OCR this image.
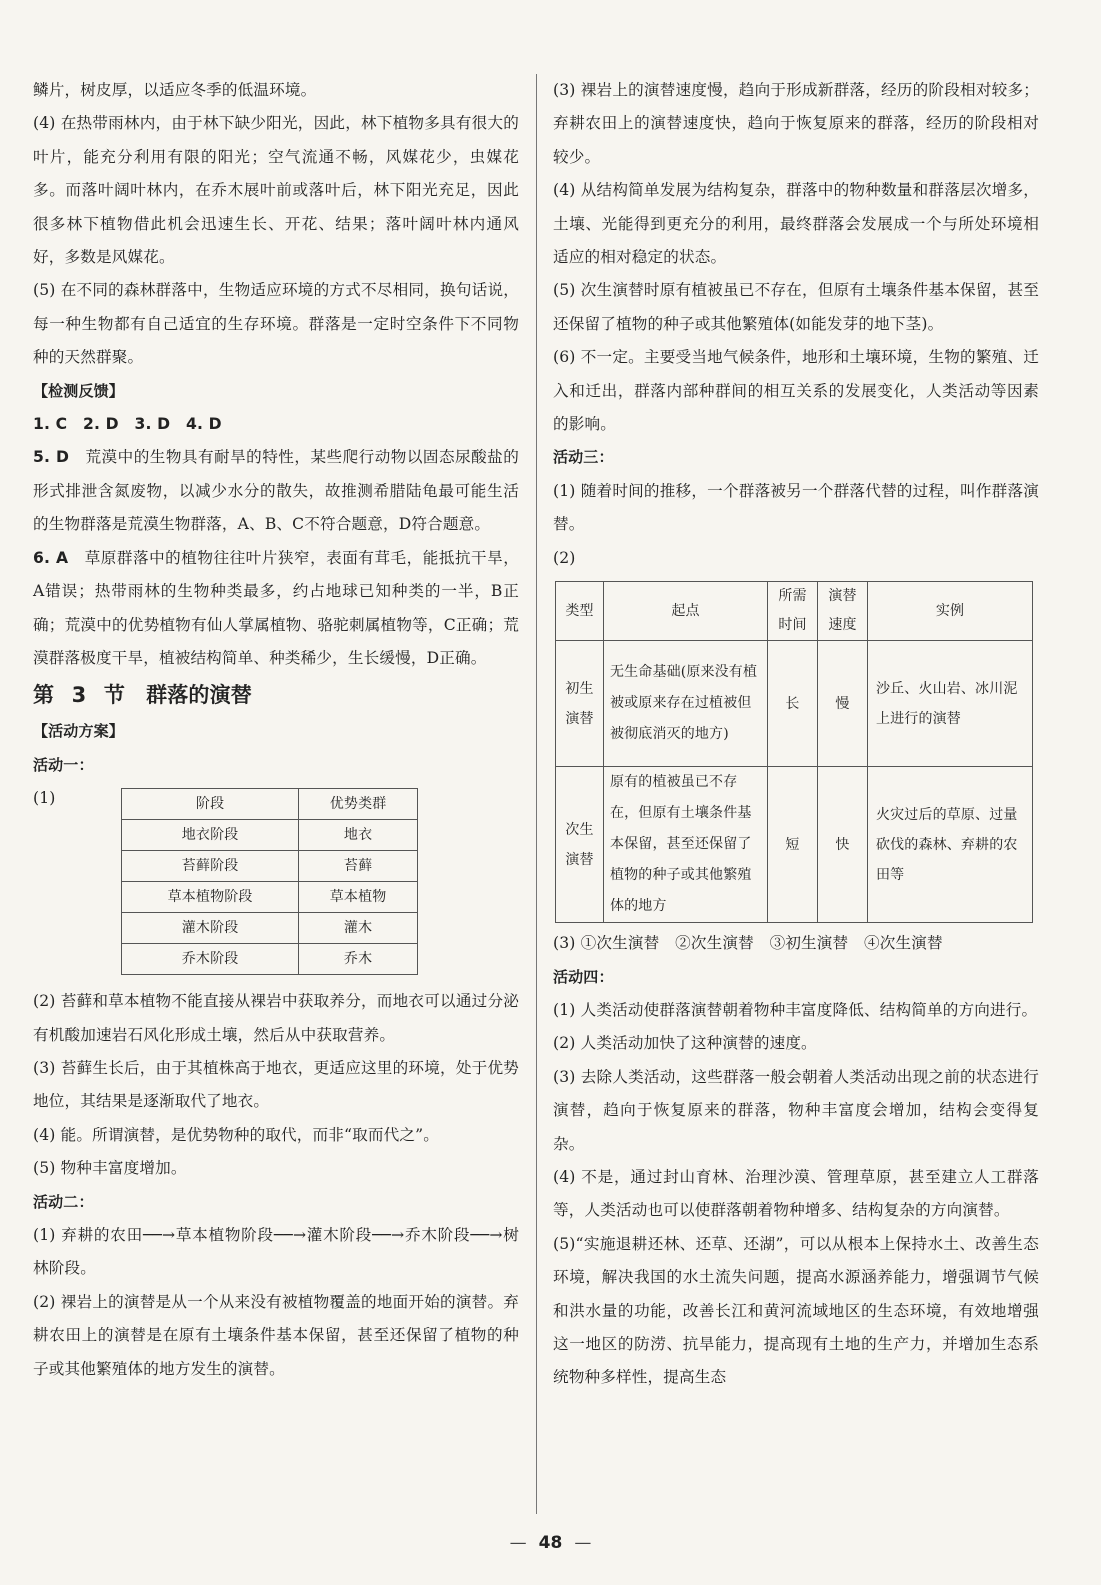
鳞片，树皮厚，以适应冬季的低温环境。

(4) 在热带雨林内，由于林下缺少阳光，因此，林下植物多具有很大的叶片，能充分利用有限的阳光；空气流通不畅，风媒花少，虫媒花多。而落叶阔叶林内，在乔木展叶前或落叶后，林下阳光充足，因此很多林下植物借此机会迅速生长、开花、结果；落叶阔叶林内通风好，多数是风媒花。

(5) 在不同的森林群落中，生物适应环境的方式不尽相同，换句话说，每一种生物都有自己适宜的生存环境。群落是一定时空条件下不同物种的天然群聚。

【检测反馈】

1. C　2. D　3. D　4. D

5. D　 荒漠中的生物具有耐旱的特性，某些爬行动物以固态尿酸盐的形式排泄含氮废物，以减少水分的散失，故推测希腊陆龟最可能生活的生物群落是荒漠生物群落，A、B、C不符合题意，D符合题意。

6. A　 草原群落中的植物往往叶片狭窄，表面有茸毛，能抵抗干旱，A错误；热带雨林的生物种类最多，约占地球已知种类的一半，B正确；荒漠中的优势植物有仙人掌属植物、骆驼刺属植物等，C正确；荒漠群落极度干旱，植被结构简单、种类稀少，生长缓慢，D正确。

第 3 节　群落的演替

【活动方案】

活动一：

(1)	阶段	优势类群
地衣阶段	地衣
苔藓阶段	苔藓
草本植物阶段	草本植物
灌木阶段	灌木
乔木阶段	乔木

(2) 苔藓和草本植物不能直接从裸岩中获取养分，而地衣可以通过分泌有机酸加速岩石风化形成土壤，然后从中获取营养。

(3) 苔藓生长后，由于其植株高于地衣，更适应这里的环境，处于优势地位，其结果是逐渐取代了地衣。

(4) 能。所谓演替，是优势物种的取代，而非“取而代之”。

(5) 物种丰富度增加。

活动二：

(1) 弃耕的农田──→草本植物阶段──→灌木阶段──→乔木阶段──→树林阶段。

(2) 裸岩上的演替是从一个从来没有被植物覆盖的地面开始的演替。弃耕农田上的演替是在原有土壤条件基本保留，甚至还保留了植物的种子或其他繁殖体的地方发生的演替。

(3) 裸岩上的演替速度慢，趋向于形成新群落，经历的阶段相对较多；弃耕农田上的演替速度快，趋向于恢复原来的群落，经历的阶段相对较少。

(4) 从结构简单发展为结构复杂，群落中的物种数量和群落层次增多，土壤、光能得到更充分的利用，最终群落会发展成一个与所处环境相适应的相对稳定的状态。

(5) 次生演替时原有植被虽已不存在，但原有土壤条件基本保留，甚至还保留了植物的种子或其他繁殖体(如能发芽的地下茎)。

(6) 不一定。主要受当地气候条件，地形和土壤环境，生物的繁殖、迁入和迁出，群落内部种群间的相互关系的发展变化，人类活动等因素的影响。

活动三：

(1) 随着时间的推移，一个群落被另一个群落代替的过程，叫作群落演替。

(2)

类型	起点	所需时间	演替速度	实例
初生演替	无生命基础(原来没有植被或原来存在过植被但被彻底消灭的地方)	长	慢	沙丘、火山岩、冰川泥上进行的演替
次生演替	原有的植被虽已不存在，但原有土壤条件基本保留，甚至还保留了植物的种子或其他繁殖体的地方	短	快	火灾过后的草原、过量砍伐的森林、弃耕的农田等

(3) ①次生演替　②次生演替　③初生演替　④次生演替

活动四：

(1) 人类活动使群落演替朝着物种丰富度降低、结构简单的方向进行。

(2) 人类活动加快了这种演替的速度。

(3) 去除人类活动，这些群落一般会朝着人类活动出现之前的状态进行演替，趋向于恢复原来的群落，物种丰富度会增加，结构会变得复杂。

(4) 不是，通过封山育林、治理沙漠、管理草原，甚至建立人工群落等，人类活动也可以使群落朝着物种增多、结构复杂的方向演替。

(5)“实施退耕还林、还草、还湖”，可以从根本上保持水土、改善生态环境，解决我国的水土流失问题，提高水源涵养能力，增强调节气候和洪水量的功能，改善长江和黄河流域地区的生态环境，有效地增强这一地区的防涝、抗旱能力，提高现有土地的生产力，并增加生态系统物种多样性，提高生态

— 48 —
